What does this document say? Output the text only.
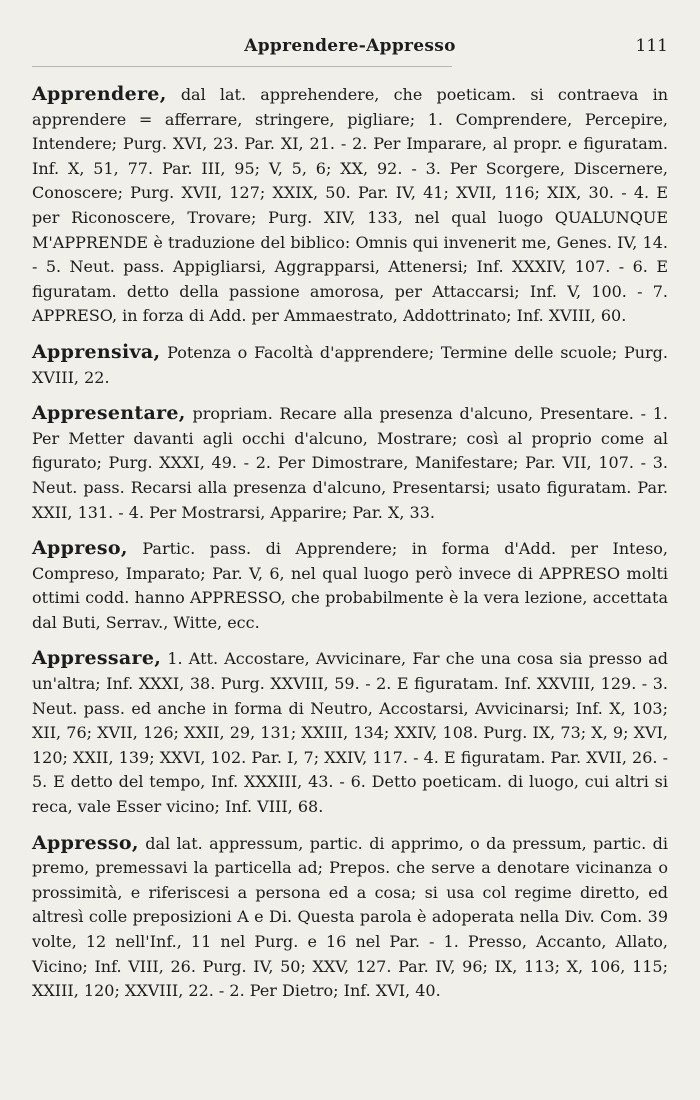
Apprendere-Appresso	111

Apprendere, dal lat. apprehendere, che poeticam. si contraeva in apprendere = afferrare, stringere, pigliare; 1. Comprendere, Percepire, Intendere; Purg. XVI, 23. Par. XI, 21. - 2. Per Imparare, al propr. e figuratam. Inf. X, 51, 77. Par. III, 95; V, 5, 6; XX, 92. - 3. Per Scorgere, Discernere, Conoscere; Purg. XVII, 127; XXIX, 50. Par. IV, 41; XVII, 116; XIX, 30. - 4. E per Riconoscere, Trovare; Purg. XIV, 133, nel qual luogo QUALUNQUE M'APPRENDE è traduzione del biblico: Omnis qui invenerit me, Genes. IV, 14. - 5. Neut. pass. Appigliarsi, Aggrapparsi, Attenersi; Inf. XXXIV, 107. - 6. E figuratam. detto della passione amorosa, per Attaccarsi; Inf. V, 100. - 7. APPRESO, in forza di Add. per Ammaestrato, Addottrinato; Inf. XVIII, 60.

Apprensiva, Potenza o Facoltà d'apprendere; Termine delle scuole; Purg. XVIII, 22.

Appresentare, propriam. Recare alla presenza d'alcuno, Presentare. - 1. Per Metter davanti agli occhi d'alcuno, Mostrare; così al proprio come al figurato; Purg. XXXI, 49. - 2. Per Dimostrare, Manifestare; Par. VII, 107. - 3. Neut. pass. Recarsi alla presenza d'alcuno, Presentarsi; usato figuratam. Par. XXII, 131. - 4. Per Mostrarsi, Apparire; Par. X, 33.

Appreso, Partic. pass. di Apprendere; in forma d'Add. per Inteso, Compreso, Imparato; Par. V, 6, nel qual luogo però invece di APPRESO molti ottimi codd. hanno APPRESSO, che probabilmente è la vera lezione, accettata dal Buti, Serrav., Witte, ecc.

Appressare, 1. Att. Accostare, Avvicinare, Far che una cosa sia presso ad un'altra; Inf. XXXI, 38. Purg. XXVIII, 59. - 2. E figuratam. Inf. XXVIII, 129. - 3. Neut. pass. ed anche in forma di Neutro, Accostarsi, Avvicinarsi; Inf. X, 103; XII, 76; XVII, 126; XXII, 29, 131; XXIII, 134; XXIV, 108. Purg. IX, 73; X, 9; XVI, 120; XXII, 139; XXVI, 102. Par. I, 7; XXIV, 117. - 4. E figuratam. Par. XVII, 26. - 5. E detto del tempo, Inf. XXXIII, 43. - 6. Detto poeticam. di luogo, cui altri si reca, vale Esser vicino; Inf. VIII, 68.

Appresso, dal lat. appressum, partic. di apprimo, o da pressum, partic. di premo, premessavi la particella ad; Prepos. che serve a denotare vicinanza o prossimità, e riferiscesi a persona ed a cosa; si usa col regime diretto, ed altresì colle preposizioni A e Di. Questa parola è adoperata nella Div. Com. 39 volte, 12 nell'Inf., 11 nel Purg. e 16 nel Par. - 1. Presso, Accanto, Allato, Vicino; Inf. VIII, 26. Purg. IV, 50; XXV, 127. Par. IV, 96; IX, 113; X, 106, 115; XXIII, 120; XXVIII, 22. - 2. Per Dietro; Inf. XVI, 40.
